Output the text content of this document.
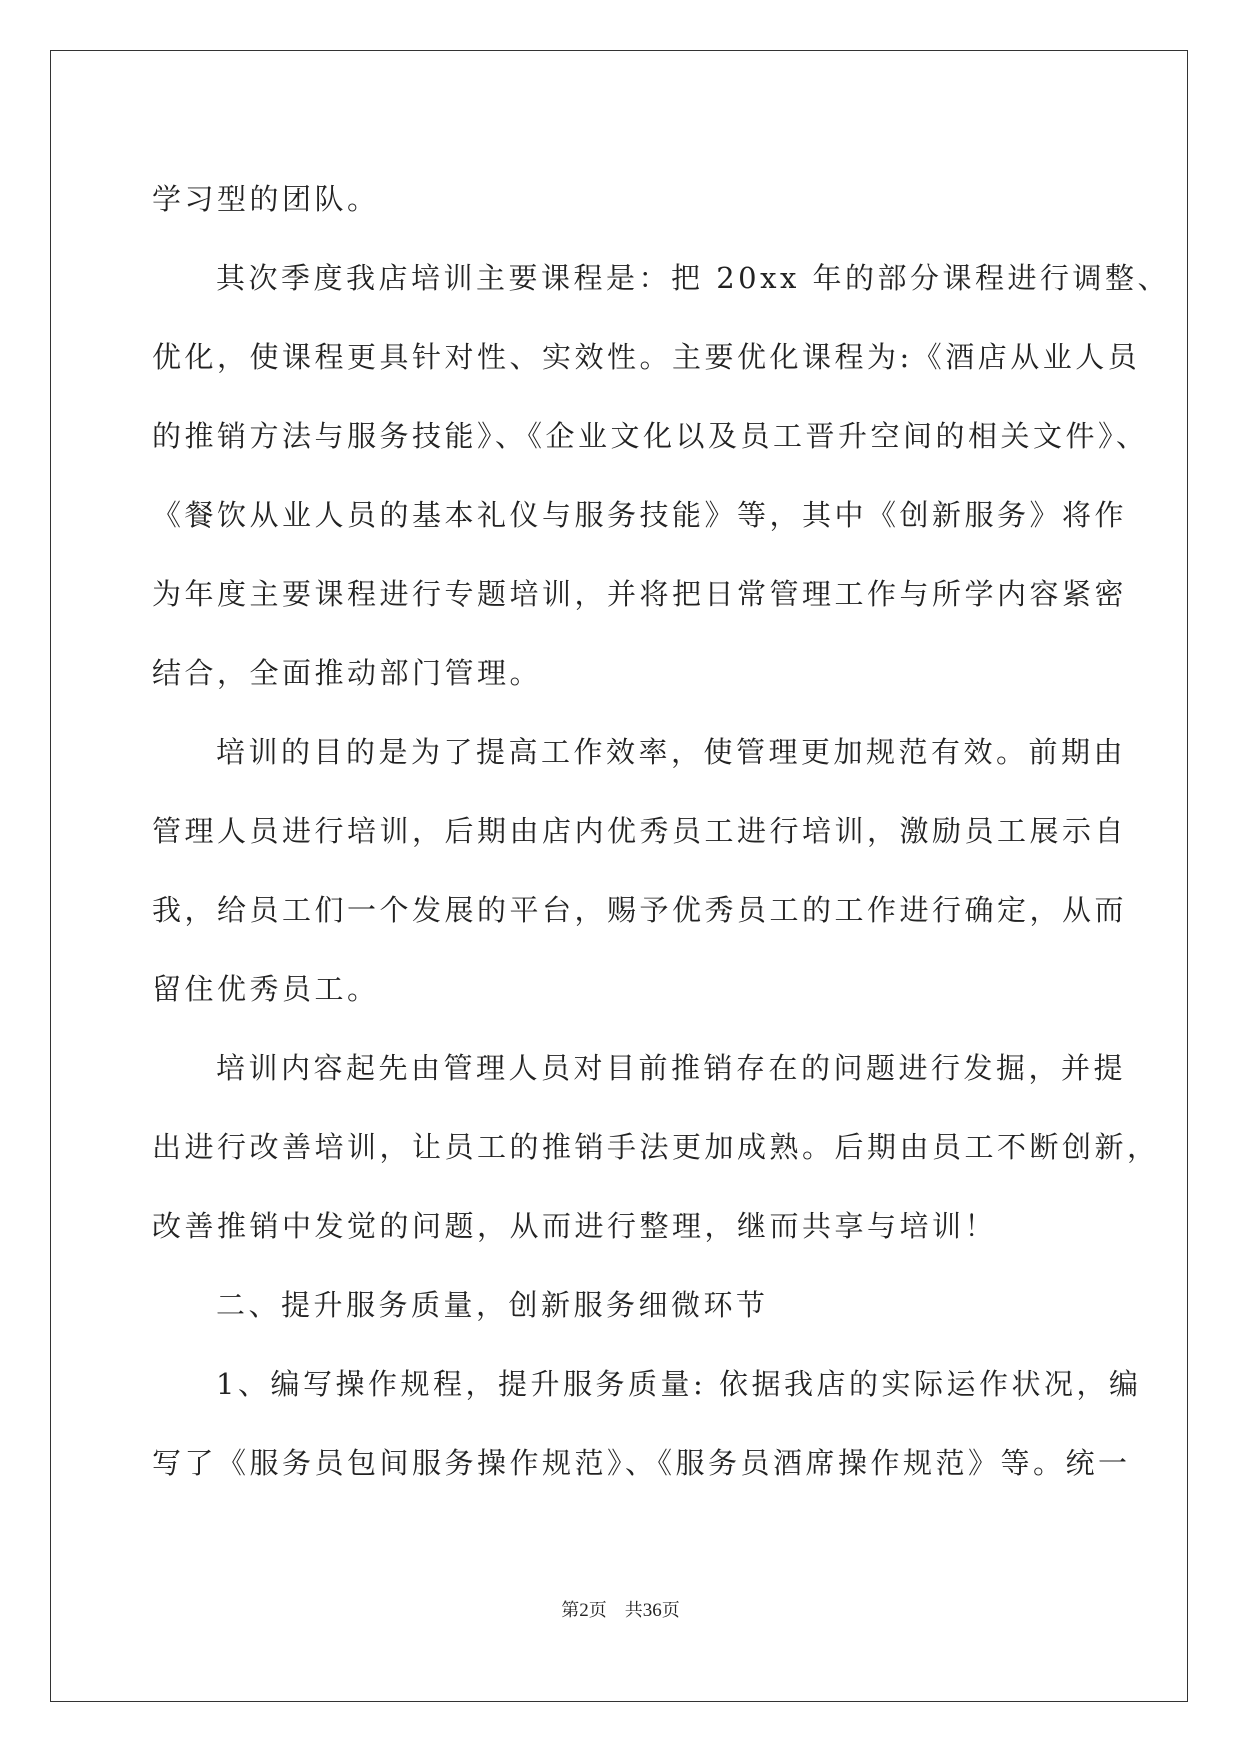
学习型的团队。
其次季度我店培训主要课程是：把 20xx 年的部分课程进行调整、
优化，使课程更具针对性、实效性。主要优化课程为:《酒店从业人员
的推销方法与服务技能》、《企业文化以及员工晋升空间的相关文件》、
《餐饮从业人员的基本礼仪与服务技能》等，其中《创新服务》将作
为年度主要课程进行专题培训，并将把日常管理工作与所学内容紧密
结合，全面推动部门管理。
培训的目的是为了提高工作效率，使管理更加规范有效。前期由
管理人员进行培训，后期由店内优秀员工进行培训，激励员工展示自
我，给员工们一个发展的平台，赐予优秀员工的工作进行确定，从而
留住优秀员工。
培训内容起先由管理人员对目前推销存在的问题进行发掘，并提
出进行改善培训，让员工的推销手法更加成熟。后期由员工不断创新，
改善推销中发觉的问题，从而进行整理，继而共享与培训！
二、提升服务质量，创新服务细微环节
1、编写操作规程，提升服务质量: 依据我店的实际运作状况，编
写了《服务员包间服务操作规范》、《服务员酒席操作规范》等。统一
第2页　共36页
